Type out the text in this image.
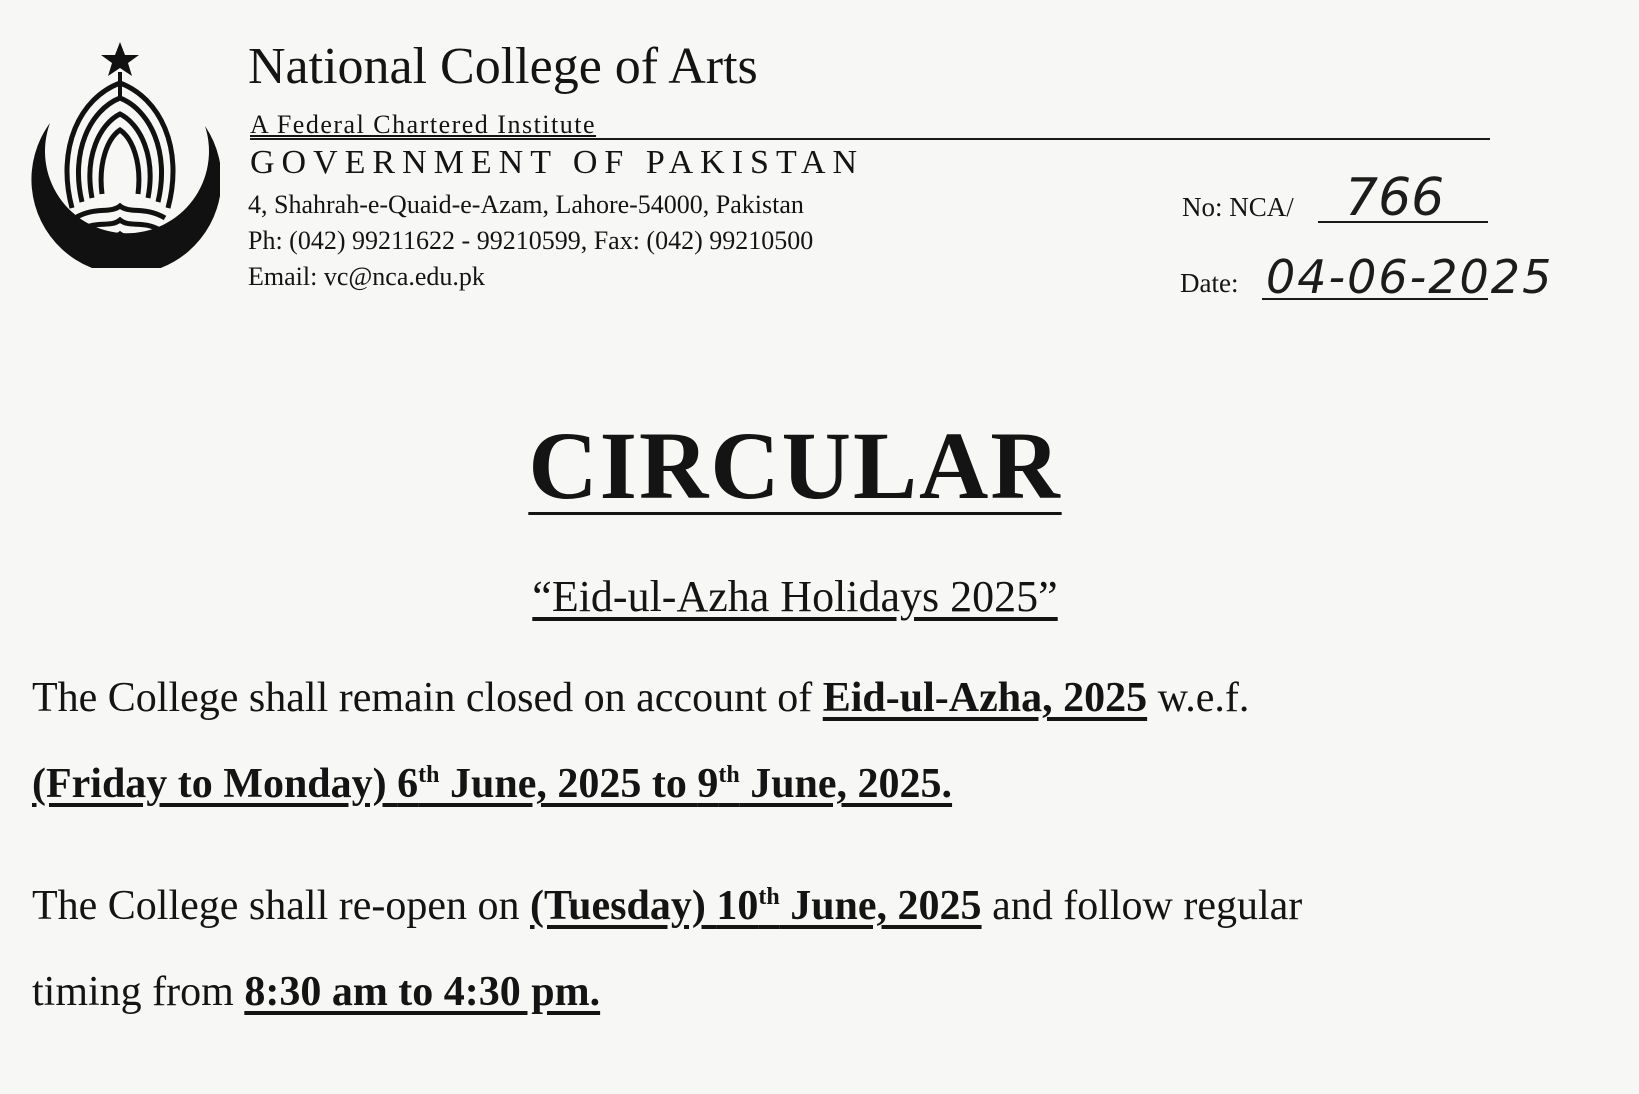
National College of Arts
A Federal Chartered Institute
GOVERNMENT OF PAKISTAN
4, Shahrah-e-Quaid-e-Azam, Lahore-54000, Pakistan
Ph: (042) 99211622 - 99210599, Fax: (042) 99210500
Email: vc@nca.edu.pk
No: NCA/ 766
Date: 04-06-2025
CIRCULAR
“Eid-ul-Azha Holidays 2025”
The College shall remain closed on account of Eid-ul-Azha, 2025 w.e.f.
(Friday to Monday) 6th June, 2025 to 9th June, 2025.
The College shall re-open on (Tuesday) 10th June, 2025 and follow regular
timing from 8:30 am to 4:30 pm.
